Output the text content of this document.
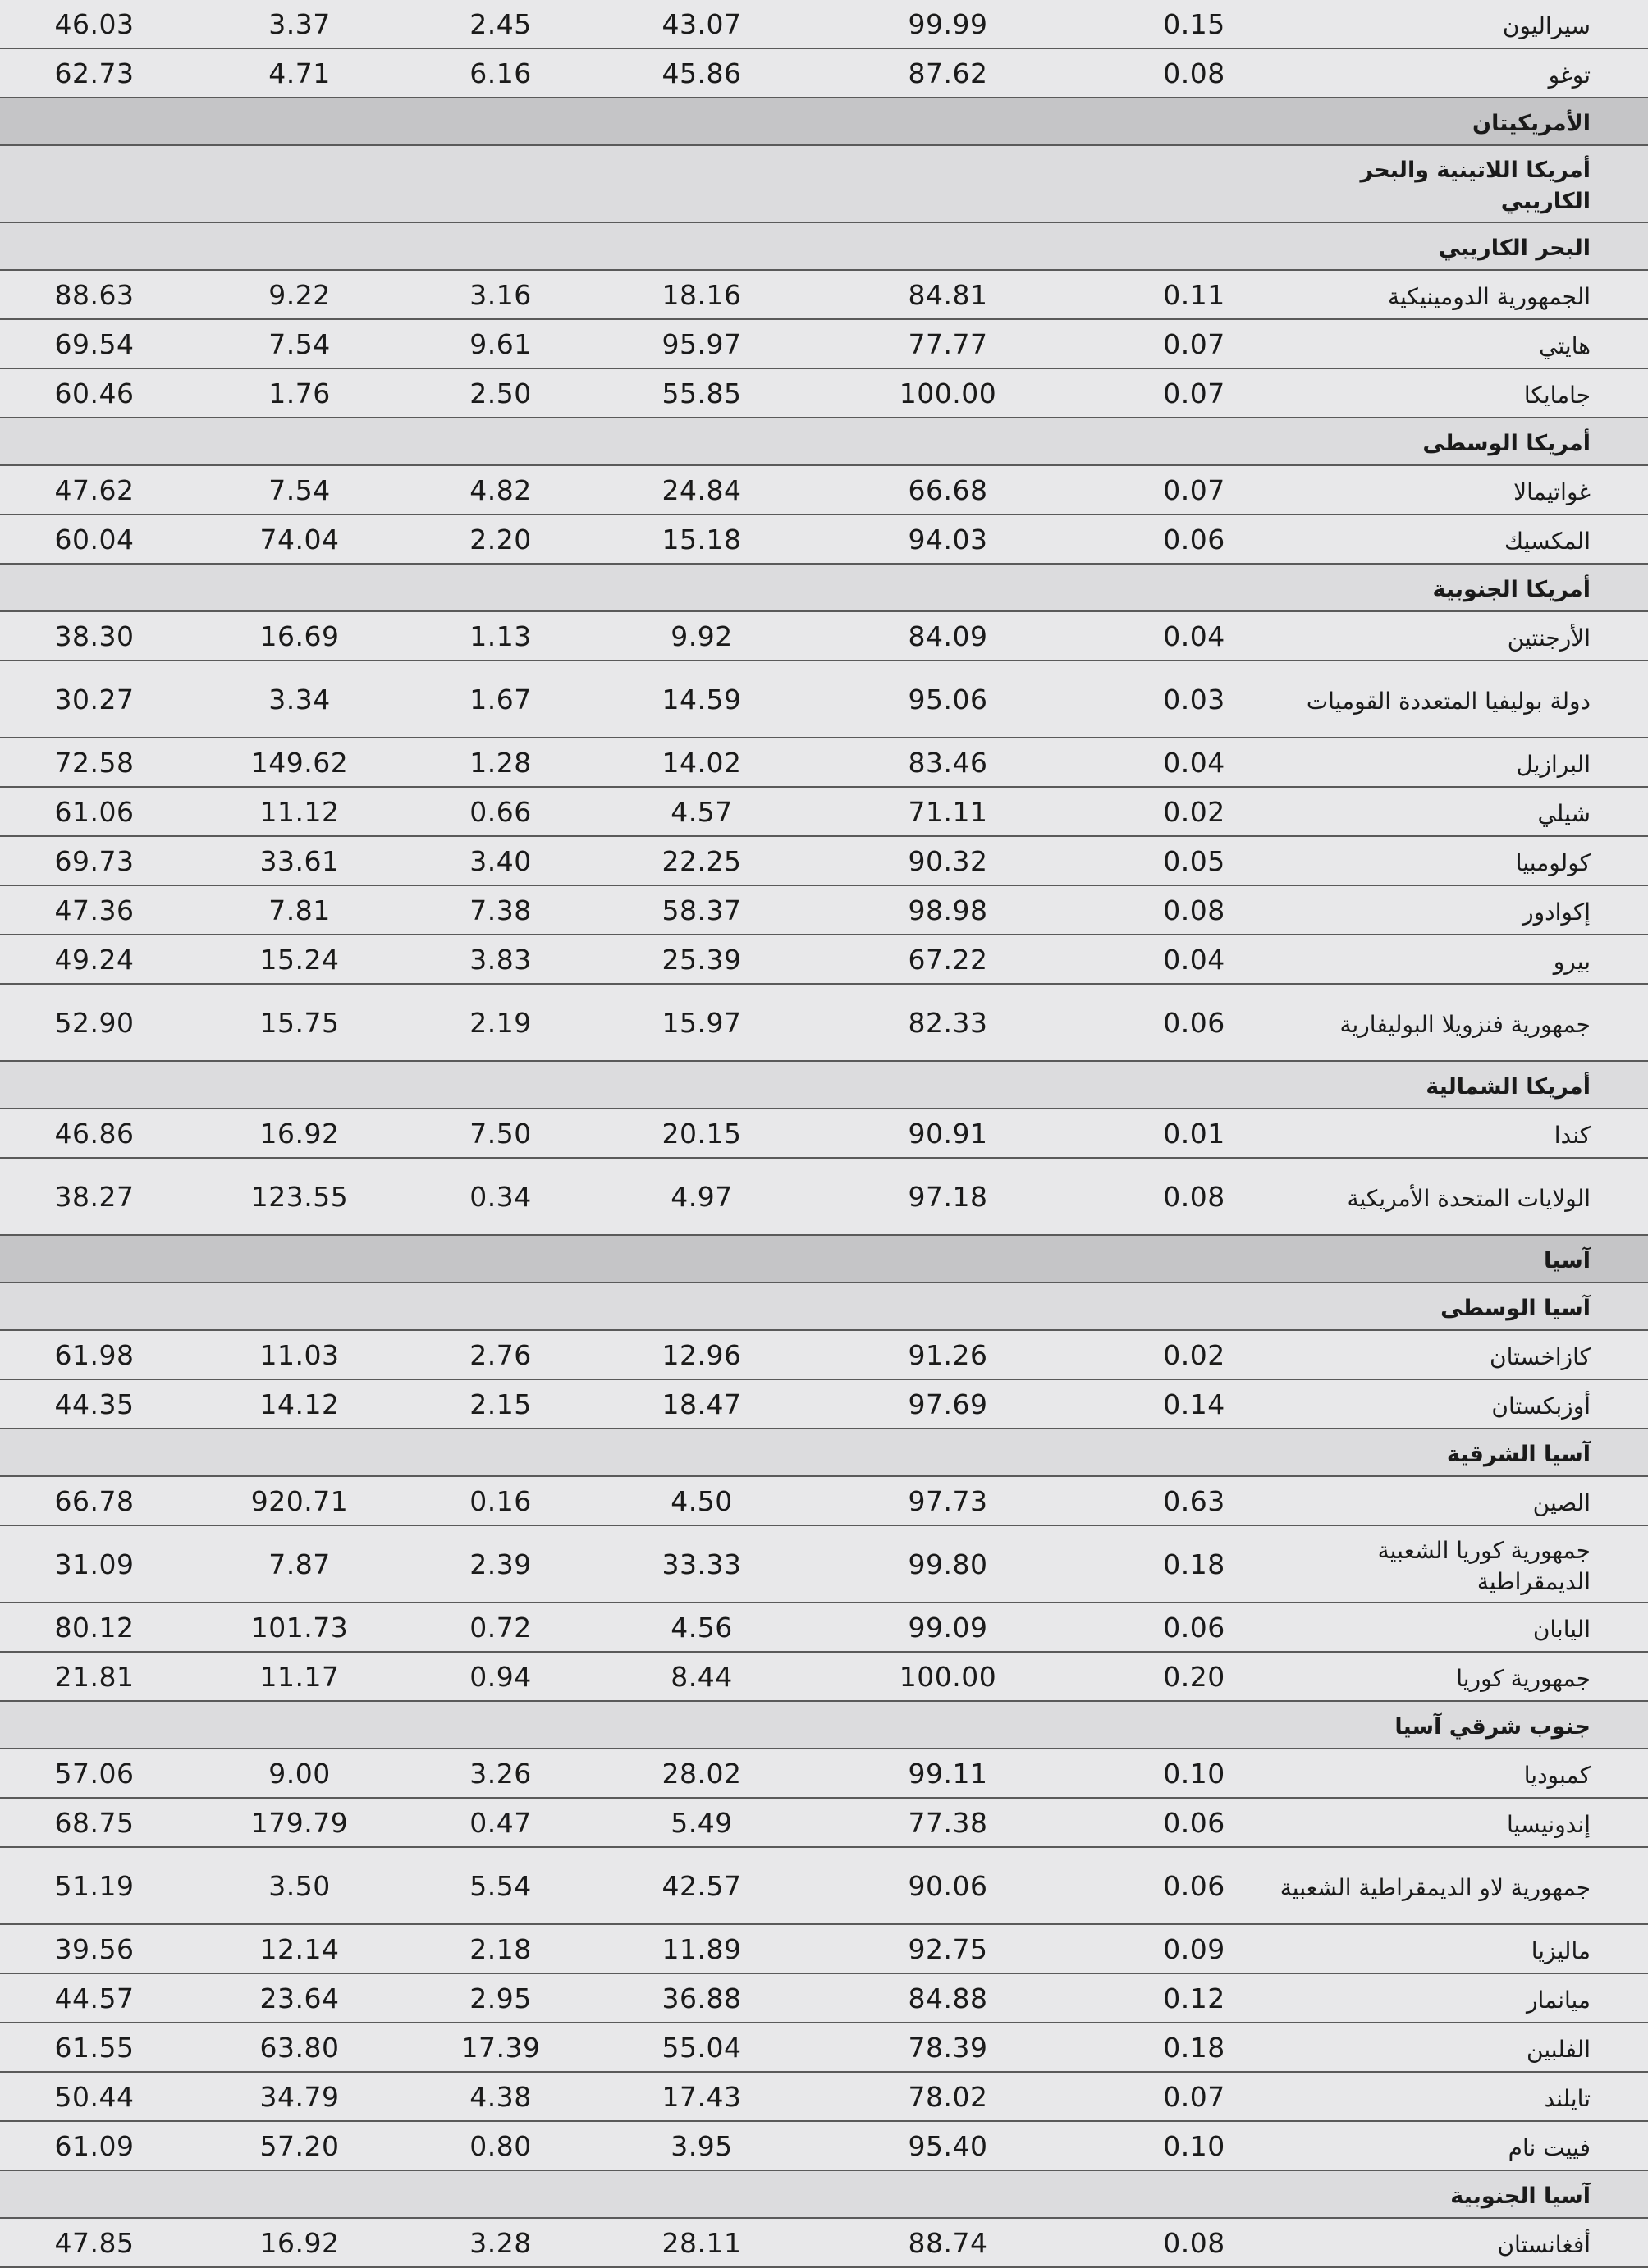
سيراليون
0.15
99.99
43.07
2.45
3.37
46.03
توغو
0.08
87.62
45.86
6.16
4.71
62.73
الأمريكيتان
أمريكا اللاتينية والبحر الكاريبي
البحر الكاريبي
الجمهورية الدومينيكية
0.11
84.81
18.16
3.16
9.22
88.63
هايتي
0.07
77.77
95.97
9.61
7.54
69.54
جامايكا
0.07
100.00
55.85
2.50
1.76
60.46
أمريكا الوسطى
غواتيمالا
0.07
66.68
24.84
4.82
7.54
47.62
المكسيك
0.06
94.03
15.18
2.20
74.04
60.04
أمريكا الجنوبية
الأرجنتين
0.04
84.09
9.92
1.13
16.69
38.30
دولة بوليفيا المتعددة القوميات
0.03
95.06
14.59
1.67
3.34
30.27
البرازيل
0.04
83.46
14.02
1.28
149.62
72.58
شيلي
0.02
71.11
4.57
0.66
11.12
61.06
كولومبيا
0.05
90.32
22.25
3.40
33.61
69.73
إكوادور
0.08
98.98
58.37
7.38
7.81
47.36
بيرو
0.04
67.22
25.39
3.83
15.24
49.24
جمهورية فنزويلا البوليفارية
0.06
82.33
15.97
2.19
15.75
52.90
أمريكا الشمالية
كندا
0.01
90.91
20.15
7.50
16.92
46.86
الولايات المتحدة الأمريكية
0.08
97.18
4.97
0.34
123.55
38.27
آسيا
آسيا الوسطى
كازاخستان
0.02
91.26
12.96
2.76
11.03
61.98
أوزبكستان
0.14
97.69
18.47
2.15
14.12
44.35
آسيا الشرقية
الصين
0.63
97.73
4.50
0.16
920.71
66.78
جمهورية كوريا الشعبية الديمقراطية
0.18
99.80
33.33
2.39
7.87
31.09
اليابان
0.06
99.09
4.56
0.72
101.73
80.12
جمهورية كوريا
0.20
100.00
8.44
0.94
11.17
21.81
جنوب شرقي آسيا
كمبوديا
0.10
99.11
28.02
3.26
9.00
57.06
إندونيسيا
0.06
77.38
5.49
0.47
179.79
68.75
جمهورية لاو الديمقراطية الشعبية
0.06
90.06
42.57
5.54
3.50
51.19
ماليزيا
0.09
92.75
11.89
2.18
12.14
39.56
ميانمار
0.12
84.88
36.88
2.95
23.64
44.57
الفلبين
0.18
78.39
55.04
17.39
63.80
61.55
تايلند
0.07
78.02
17.43
4.38
34.79
50.44
فييت نام
0.10
95.40
3.95
0.80
57.20
61.09
آسيا الجنوبية
أفغانستان
0.08
88.74
28.11
3.28
16.92
47.85
